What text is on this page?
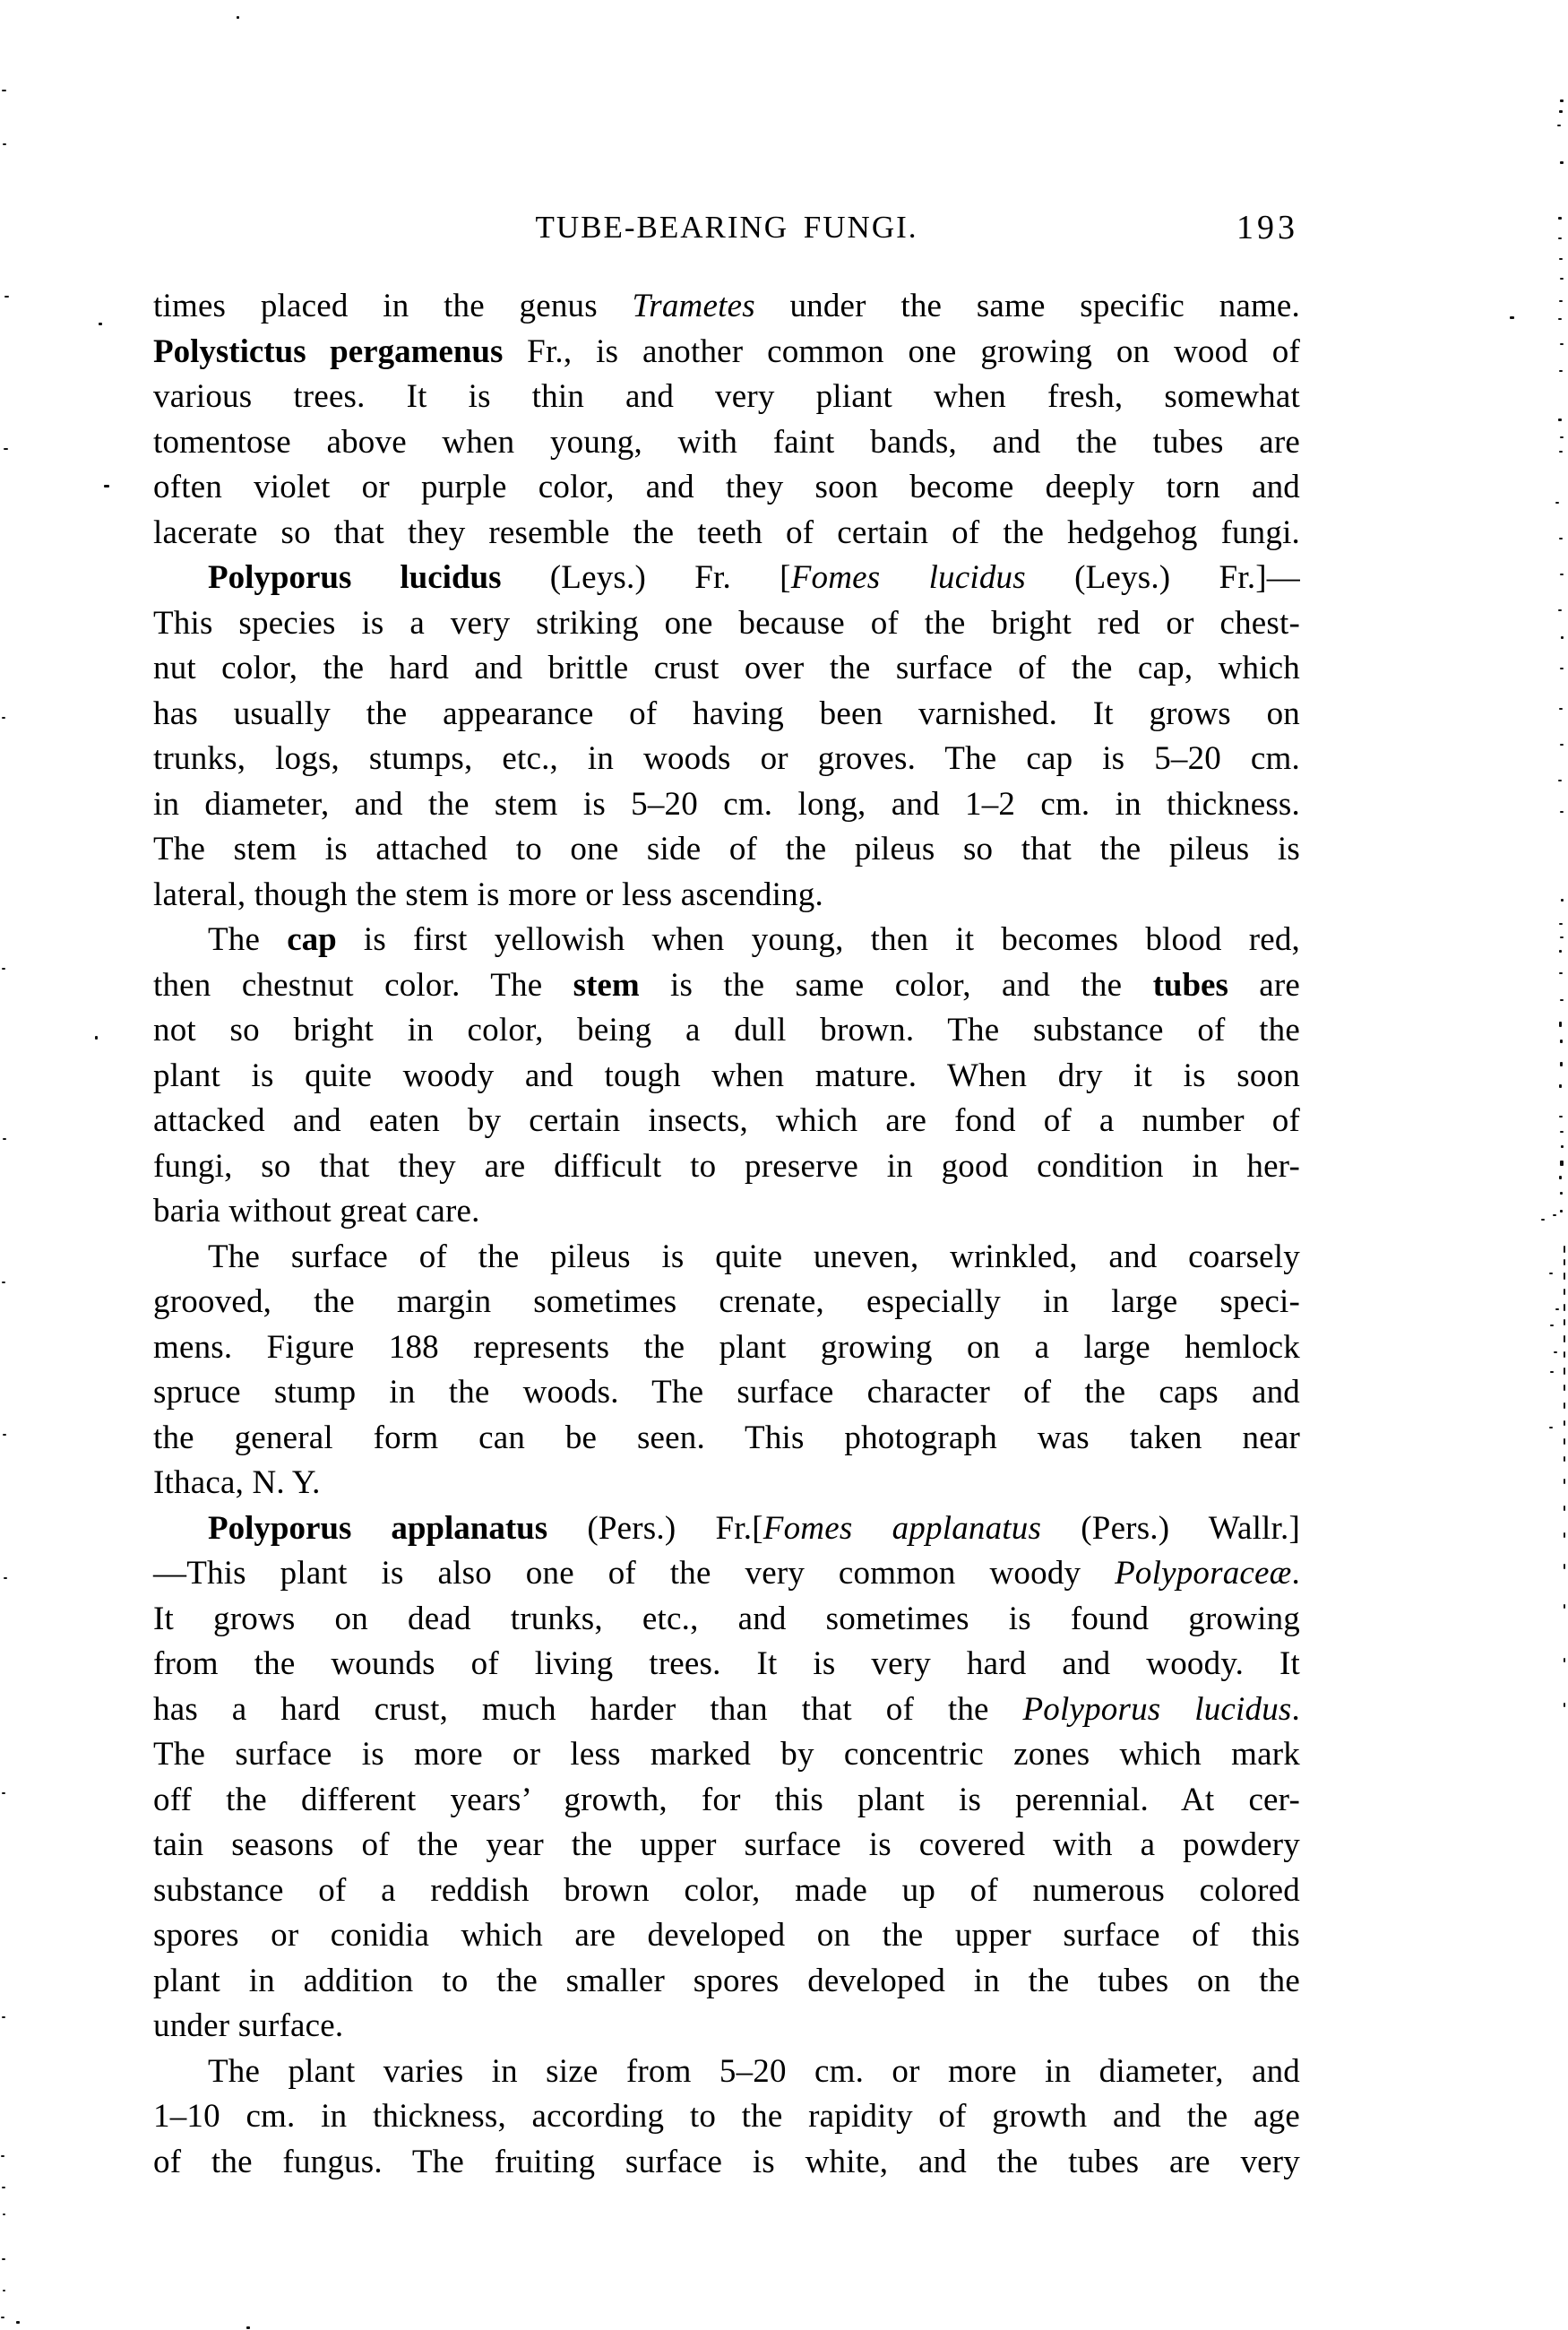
TUBE-BEARING FUNGI.	193
times placed in the genus Trametes under the same specific name.
Polystictus pergamenus Fr., is another common one growing on wood of
various trees. It is thin and very pliant when fresh, somewhat
tomentose above when young, with faint bands, and the tubes are
often violet or purple color, and they soon become deeply torn and
lacerate so that they resemble the teeth of certain of the hedgehog fungi.
Polyporus lucidus (Leys.) Fr. [Fomes lucidus (Leys.) Fr.]—
This species is a very striking one because of the bright red or chest-
nut color, the hard and brittle crust over the surface of the cap, which
has usually the appearance of having been varnished. It grows on
trunks, logs, stumps, etc., in woods or groves. The cap is 5–20 cm.
in diameter, and the stem is 5–20 cm. long, and 1–2 cm. in thickness.
The stem is attached to one side of the pileus so that the pileus is
lateral, though the stem is more or less ascending.
The cap is first yellowish when young, then it becomes blood red,
then chestnut color. The stem is the same color, and the tubes are
not so bright in color, being a dull brown. The substance of the
plant is quite woody and tough when mature. When dry it is soon
attacked and eaten by certain insects, which are fond of a number of
fungi, so that they are difficult to preserve in good condition in her-
baria without great care.
The surface of the pileus is quite uneven, wrinkled, and coarsely
grooved, the margin sometimes crenate, especially in large speci-
mens. Figure 188 represents the plant growing on a large hemlock
spruce stump in the woods. The surface character of the caps and
the general form can be seen. This photograph was taken near
Ithaca, N. Y.
Polyporus applanatus (Pers.) Fr.[Fomes applanatus (Pers.) Wallr.]
—This plant is also one of the very common woody Polyporaceæ.
It grows on dead trunks, etc., and sometimes is found growing
from the wounds of living trees. It is very hard and woody. It
has a hard crust, much harder than that of the Polyporus lucidus.
The surface is more or less marked by concentric zones which mark
off the different years’ growth, for this plant is perennial. At cer-
tain seasons of the year the upper surface is covered with a powdery
substance of a reddish brown color, made up of numerous colored
spores or conidia which are developed on the upper surface of this
plant in addition to the smaller spores developed in the tubes on the
under surface.
The plant varies in size from 5–20 cm. or more in diameter, and
1–10 cm. in thickness, according to the rapidity of growth and the age
of the fungus. The fruiting surface is white, and the tubes are very
